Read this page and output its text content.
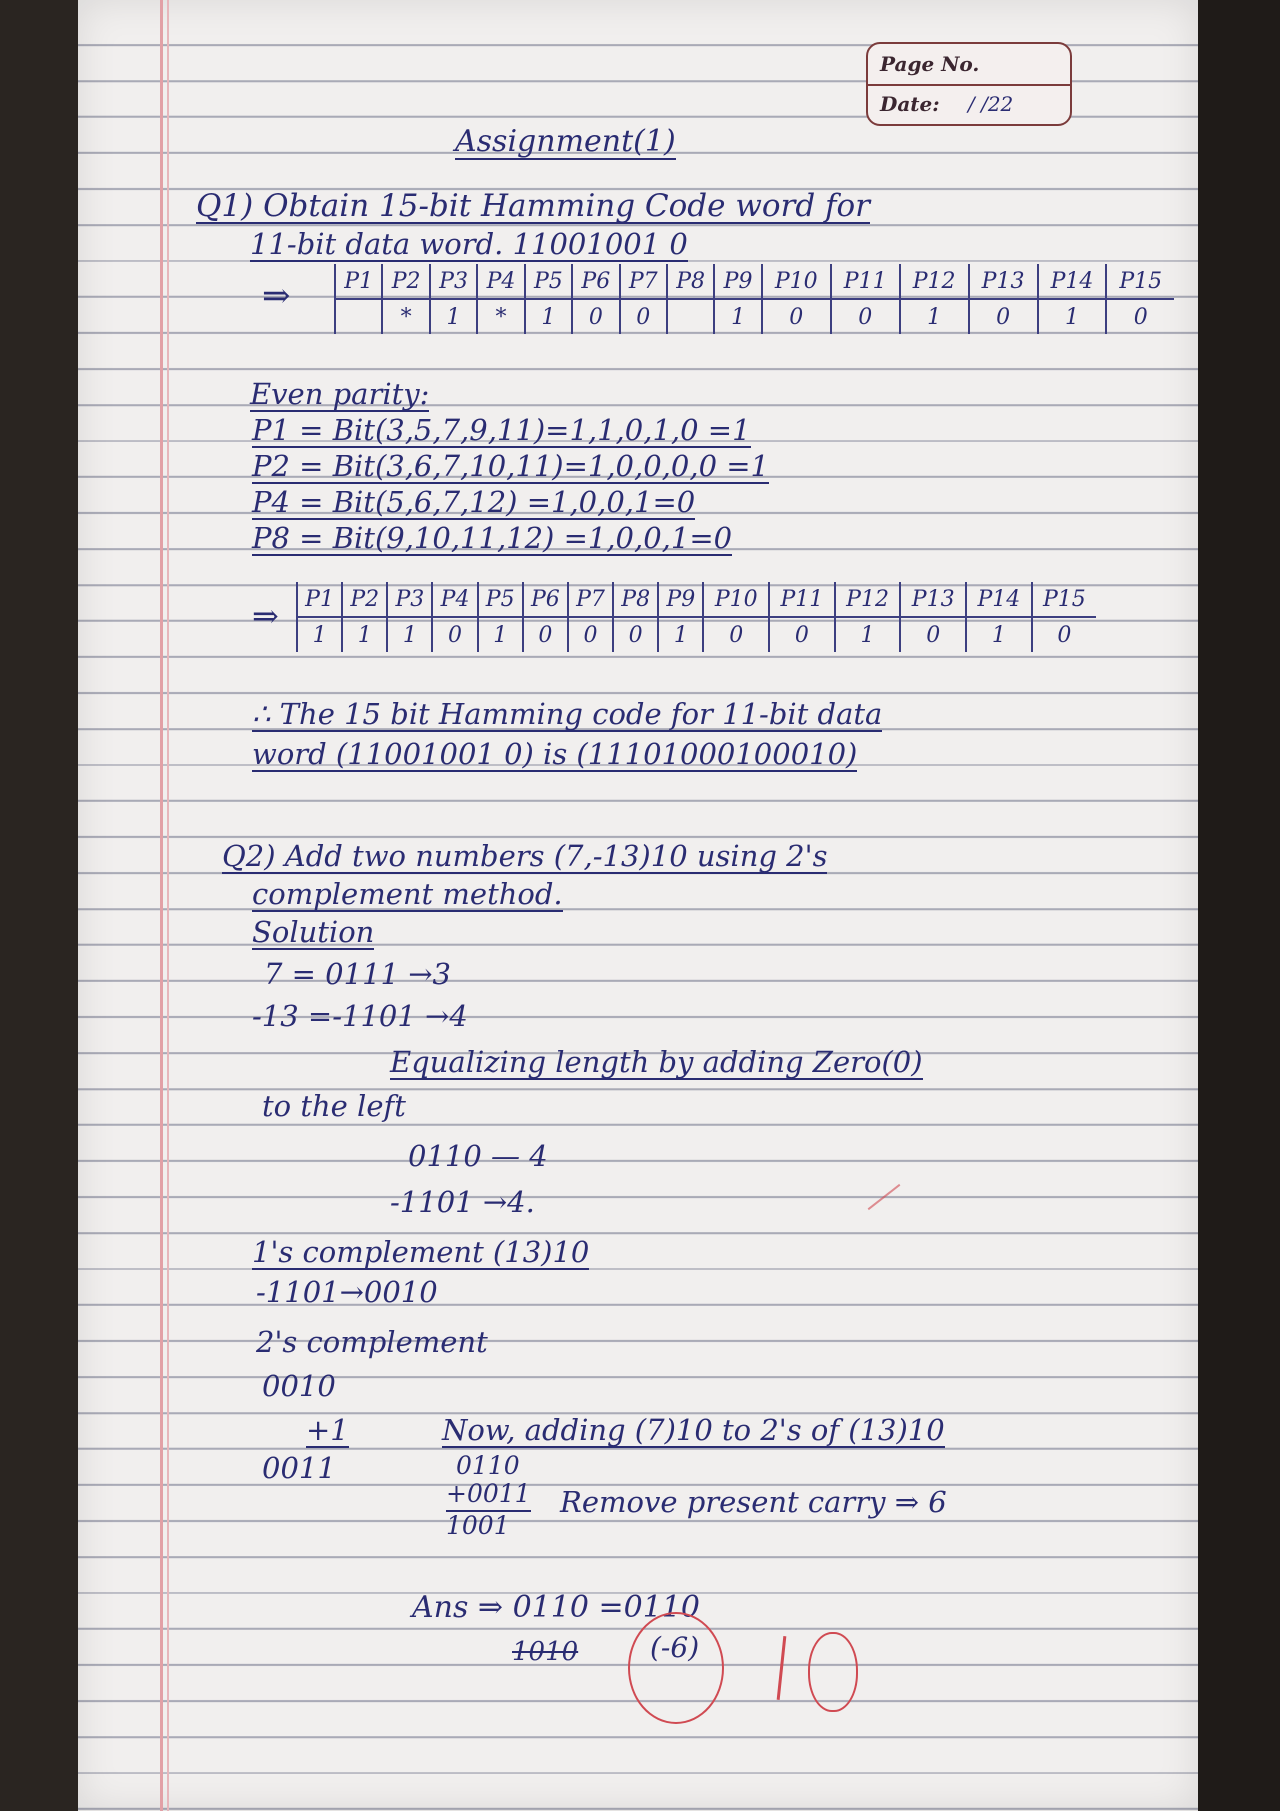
Page No.
Date: / /22
Assignment(1)
Q1) Obtain 15-bit Hamming Code word for
11-bit data word. 11001001 0
⇒ P1	P2	P3	P4	P5	P6	P7	P8	P9	P10	P11	P12	P13	P14	P15
	*	1	*	1	0	0		1	0	0	1	0	1	0
Even parity:
P1 = Bit(3,5,7,9,11)=1,1,0,1,0 =1
P2 = Bit(3,6,7,10,11)=1,0,0,0,0 =1
P4 = Bit(5,6,7,12) =1,0,0,1=0
P8 = Bit(9,10,11,12) =1,0,0,1=0
⇒ P1	P2	P3	P4	P5	P6	P7	P8	P9	P10	P11	P12	P13	P14	P15
1	1	1	0	1	0	0	0	1	0	0	1	0	1	0
∴ The 15 bit Hamming code for 11-bit data
word (11001001 0) is (11101000100010)
Q2) Add two numbers (7,-13)10 using 2's
complement method.
Solution
7 = 0111 →3
-13 =-1101 →4
Equalizing length by adding Zero(0)
to the left
0110 — 4
-1101 →4.
1's complement (13)10
-1101→0010
2's complement
0010
+1
0011
Now, adding (7)10 to 2's of (13)10
0110
+0011
1001
Remove present carry ⇒ 6
Ans ⇒ 0110 =0110
1010	(-6)
